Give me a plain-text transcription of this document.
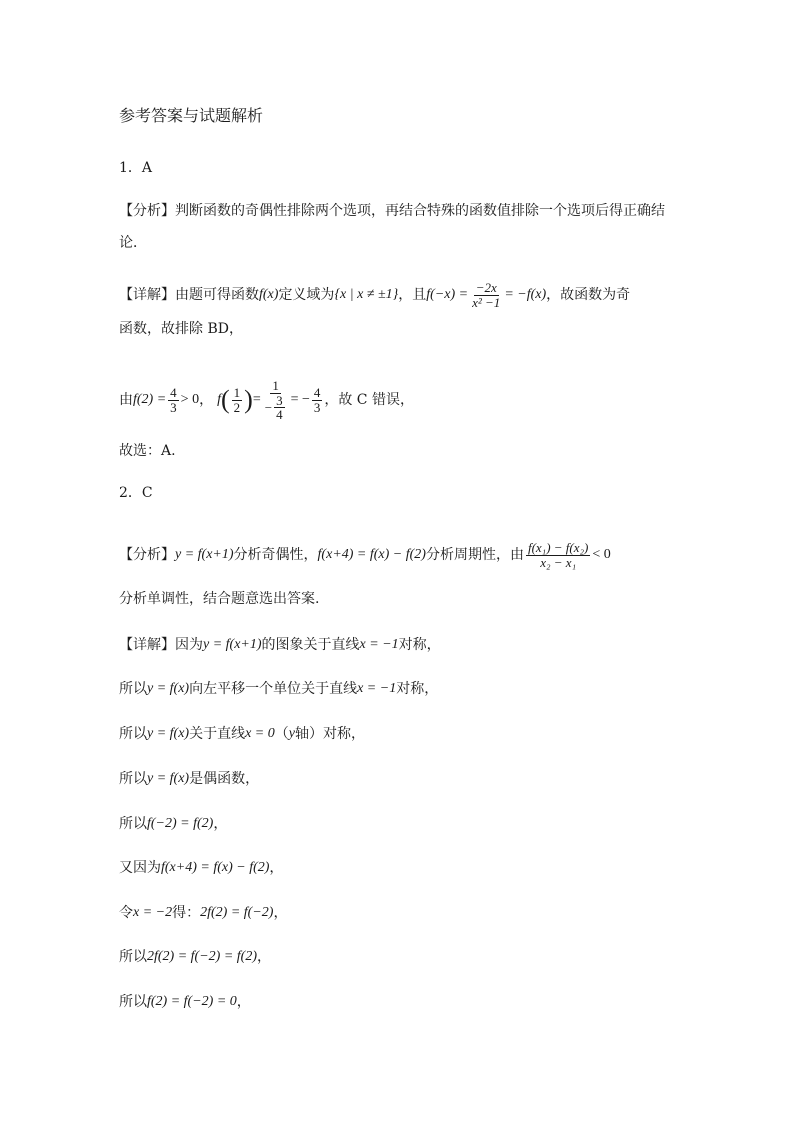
参考答案与试题解析
1．A
【分析】 判断函数的奇偶性排除两个选项，再结合特殊的函数值排除一个选项后得正确结
论．
【详解】 由题可得函数 f(x) 定义域为 {x | x ≠ ±1} ，且 $f(-x) = \frac{-2x}{\text{x² −1}} = -f(x)$ ，故函数为奇
函数，故排除 BD，
由 $f(2) = \frac{4}{3} > 0$ ， f ( $\frac{1}{2}$ ) = $\frac{1}{- \frac{3}{4}}$ = − $\frac{4}{3}$ ，故 C 错误，
故选：A.
2．C
【分析】 y = f(x+1) 分析奇偶性， f(x+4) = f(x) − f(2) 分析周期性，由 $\frac{\text{f(x₁) − f(x₂)}}{\text{x₂ − x₁}} < 0$
分析单调性，结合题意选出答案.
【详解】 因为 y = f(x+1) 的图象关于直线 x = −1 对称，
所以 y = f(x) 向左平移一个单位关于直线 x = −1 对称，
所以 y = f(x) 关于直线 x = 0 （ y 轴）对称，
所以 y = f(x) 是偶函数，
所以 f(−2) = f(2) ，
又因为 f(x+4) = f(x) − f(2) ，
令 x = −2 得： 2f(2) = f(−2) ，
所以 2f(2) = f(−2) = f(2) ，
所以 f(2) = f(−2) = 0 ，
